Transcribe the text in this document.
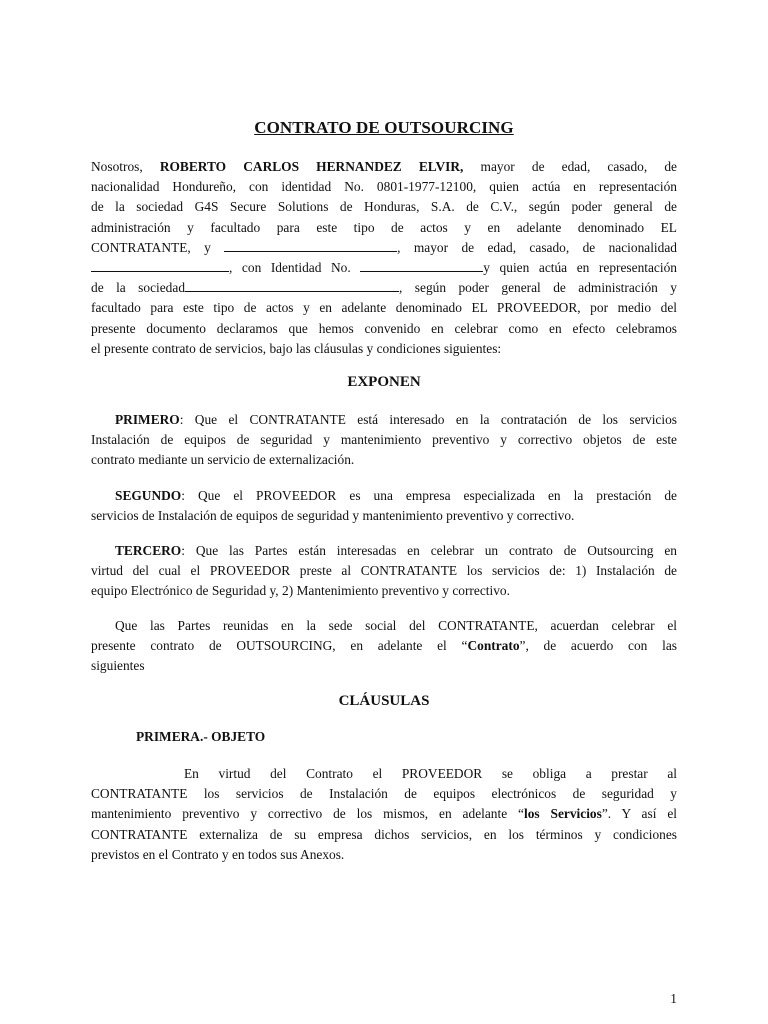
CONTRATO DE OUTSOURCING
Nosotros, ROBERTO CARLOS HERNANDEZ ELVIR, mayor de edad, casado, de
nacionalidad Hondureño, con identidad No. 0801-1977-12100, quien actúa en representación
de la sociedad G4S Secure Solutions de Honduras, S.A. de C.V., según poder general de
administración y facultado para este tipo de actos y en adelante denominado EL
CONTRATANTE, y	, mayor de edad, casado, de nacionalidad
, con Identidad No.	y quien actúa en representación
de la sociedad	, según poder general de administración y
facultado para este tipo de actos y en adelante denominado EL PROVEEDOR, por medio del
presente documento declaramos que hemos convenido en celebrar como en efecto celebramos
el presente contrato de servicios, bajo las cláusulas y condiciones siguientes:
EXPONEN
PRIMERO: Que el CONTRATANTE está interesado en la contratación de los servicios
Instalación de equipos de seguridad y mantenimiento preventivo y correctivo objetos de este
contrato mediante un servicio de externalización.
SEGUNDO: Que el PROVEEDOR es una empresa especializada en la prestación de
servicios de Instalación de equipos de seguridad y mantenimiento preventivo y correctivo.
TERCERO: Que las Partes están interesadas en celebrar un contrato de Outsourcing en
virtud del cual el PROVEEDOR preste al CONTRATANTE los servicios de: 1) Instalación de
equipo Electrónico de Seguridad y, 2) Mantenimiento preventivo y correctivo.
Que las Partes reunidas en la sede social del CONTRATANTE, acuerdan celebrar el
presente contrato de OUTSOURCING, en adelante el “Contrato”, de acuerdo con las
siguientes
CLÁUSULAS
PRIMERA.- OBJETO
En virtud del Contrato el PROVEEDOR se obliga a prestar al
CONTRATANTE los servicios de Instalación de equipos electrónicos de seguridad y
mantenimiento preventivo y correctivo de los mismos, en adelante “los Servicios”. Y así el
CONTRATANTE externaliza de su empresa dichos servicios, en los términos y condiciones
previstos en el Contrato y en todos sus Anexos.
1
